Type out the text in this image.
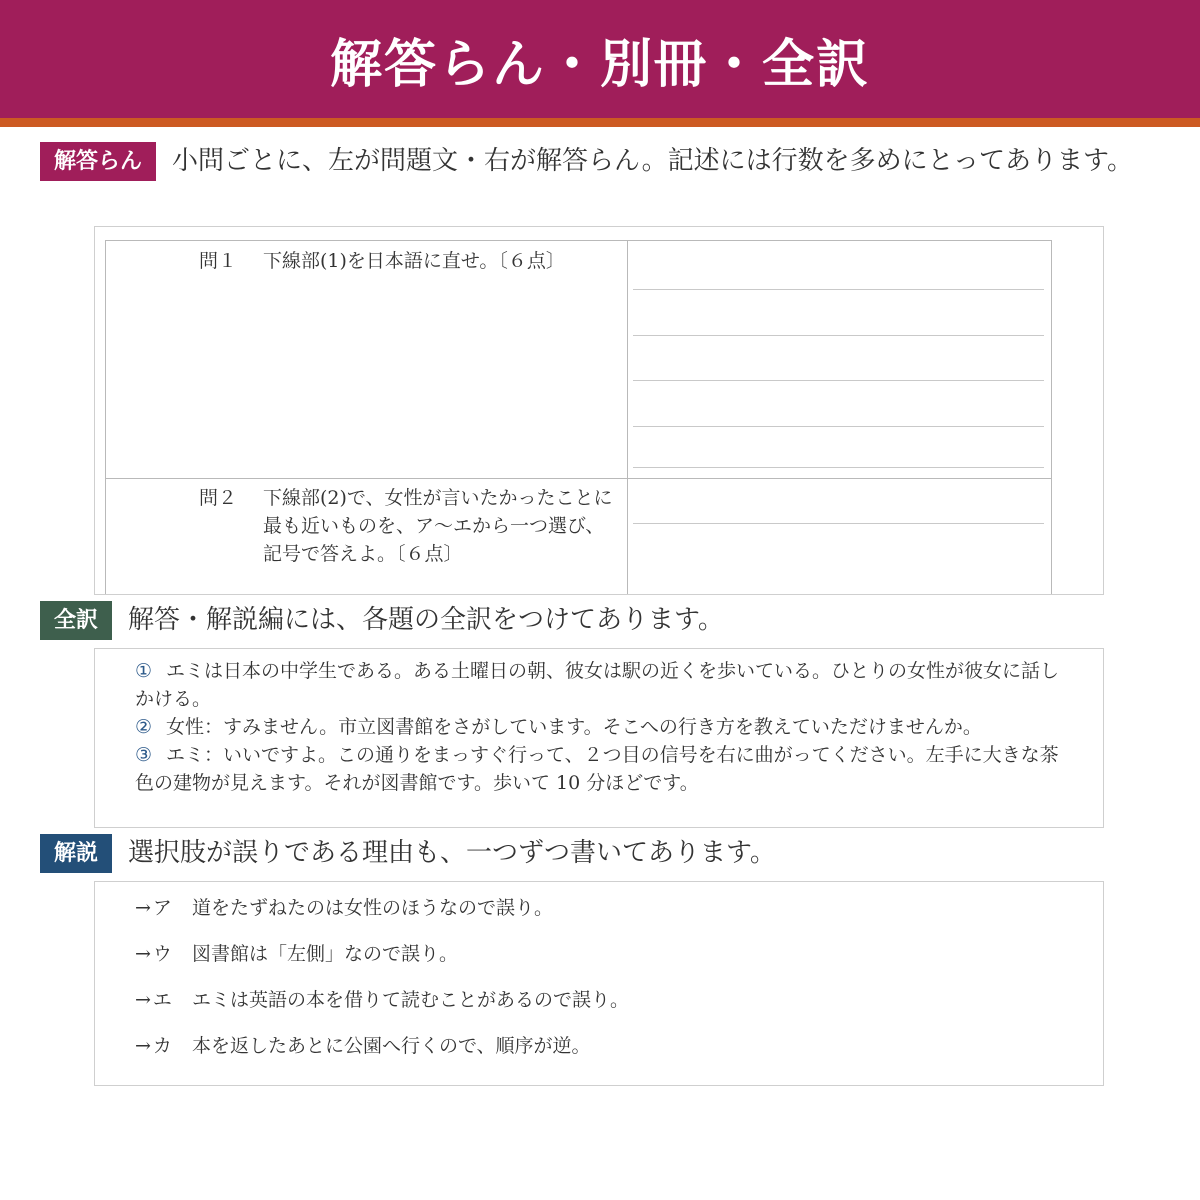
解答らん・別冊・全訳
解答らん	小問ごとに、左が問題文・右が解答らん。記述には行数を多めにとってあります。
問１ 下線部(1)を日本語に直せ。〔６点〕
問２ 下線部(2)で、女性が言いたかったことに最も近いものを、ア〜エから一つ選び、記号で答えよ。〔６点〕
全訳	解答・解説編には、各題の全訳をつけてあります。

① エミは日本の中学生である。ある土曜日の朝、彼女は駅の近くを歩いている。ひとりの女性が彼女に話しかける。

② 女性：すみません。市立図書館をさがしています。そこへの行き方を教えていただけませんか。

③ エミ：いいですよ。この通りをまっすぐ行って、２つ目の信号を右に曲がってください。左手に大きな茶色の建物が見えます。それが図書館です。歩いて 10 分ほどです。

解説	選択肢が誤りである理由も、一つずつ書いてあります。
→ ア 道をたずねたのは女性のほうなので誤り。
→ ウ 図書館は「左側」なので誤り。
→ エ エミは英語の本を借りて読むことがあるので誤り。
→ カ 本を返したあとに公園へ行くので、順序が逆。
